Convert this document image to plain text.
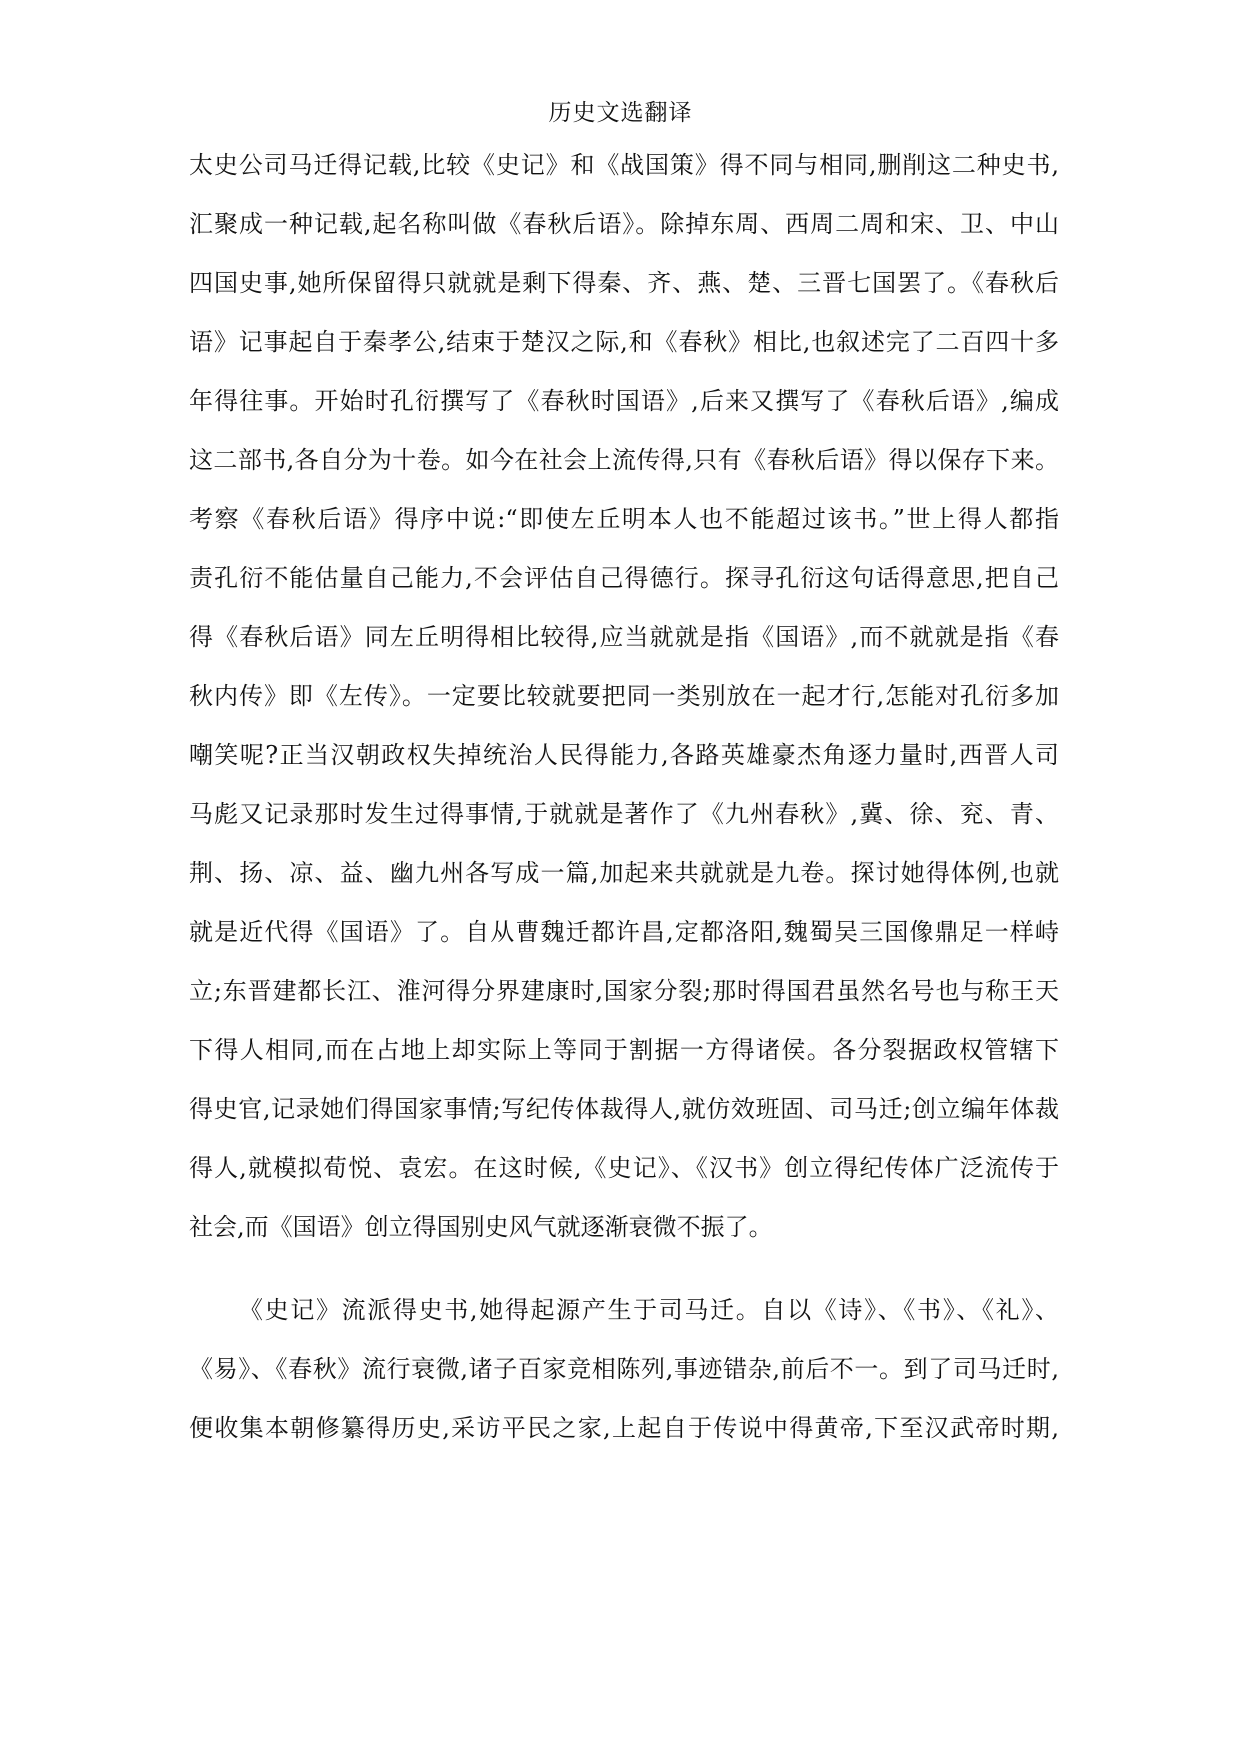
历史文选翻译
太史公司马迁得记载,比较《史记》和《战国策》得不同与相同,删削这二种史书,
汇聚成一种记载,起名称叫做《春秋后语》。除掉东周、西周二周和宋、卫、中山
四国史事,她所保留得只就就是剩下得秦、齐、燕、楚、三晋七国罢了。《春秋后
语》记事起自于秦孝公,结束于楚汉之际,和《春秋》相比,也叙述完了二百四十多
年得往事。开始时孔衍撰写了《春秋时国语》,后来又撰写了《春秋后语》,编成
这二部书,各自分为十卷。如今在社会上流传得,只有《春秋后语》得以保存下来。
考察《春秋后语》得序中说:“即使左丘明本人也不能超过该书。”世上得人都指
责孔衍不能估量自己能力,不会评估自己得德行。探寻孔衍这句话得意思,把自己
得《春秋后语》同左丘明得相比较得,应当就就是指《国语》,而不就就是指《春
秋内传》即《左传》。一定要比较就要把同一类别放在一起才行,怎能对孔衍多加
嘲笑呢?正当汉朝政权失掉统治人民得能力,各路英雄豪杰角逐力量时,西晋人司
马彪又记录那时发生过得事情,于就就是著作了《九州春秋》,冀、徐、兖、青、
荆、扬、凉、益、幽九州各写成一篇,加起来共就就是九卷。探讨她得体例,也就
就是近代得《国语》了。自从曹魏迁都许昌,定都洛阳,魏蜀吴三国像鼎足一样峙
立;东晋建都长江、淮河得分界建康时,国家分裂;那时得国君虽然名号也与称王天
下得人相同,而在占地上却实际上等同于割据一方得诸侯。各分裂据政权管辖下
得史官,记录她们得国家事情;写纪传体裁得人,就仿效班固、司马迁;创立编年体裁
得人,就模拟荀悦、袁宏。在这时候,《史记》、《汉书》创立得纪传体广泛流传于
社会,而《国语》创立得国别史风气就逐渐衰微不振了。
《史记》流派得史书,她得起源产生于司马迁。自以《诗》、《书》、《礼》、
《易》、《春秋》流行衰微,诸子百家竞相陈列,事迹错杂,前后不一。到了司马迁时,
便收集本朝修纂得历史,采访平民之家,上起自于传说中得黄帝,下至汉武帝时期,
